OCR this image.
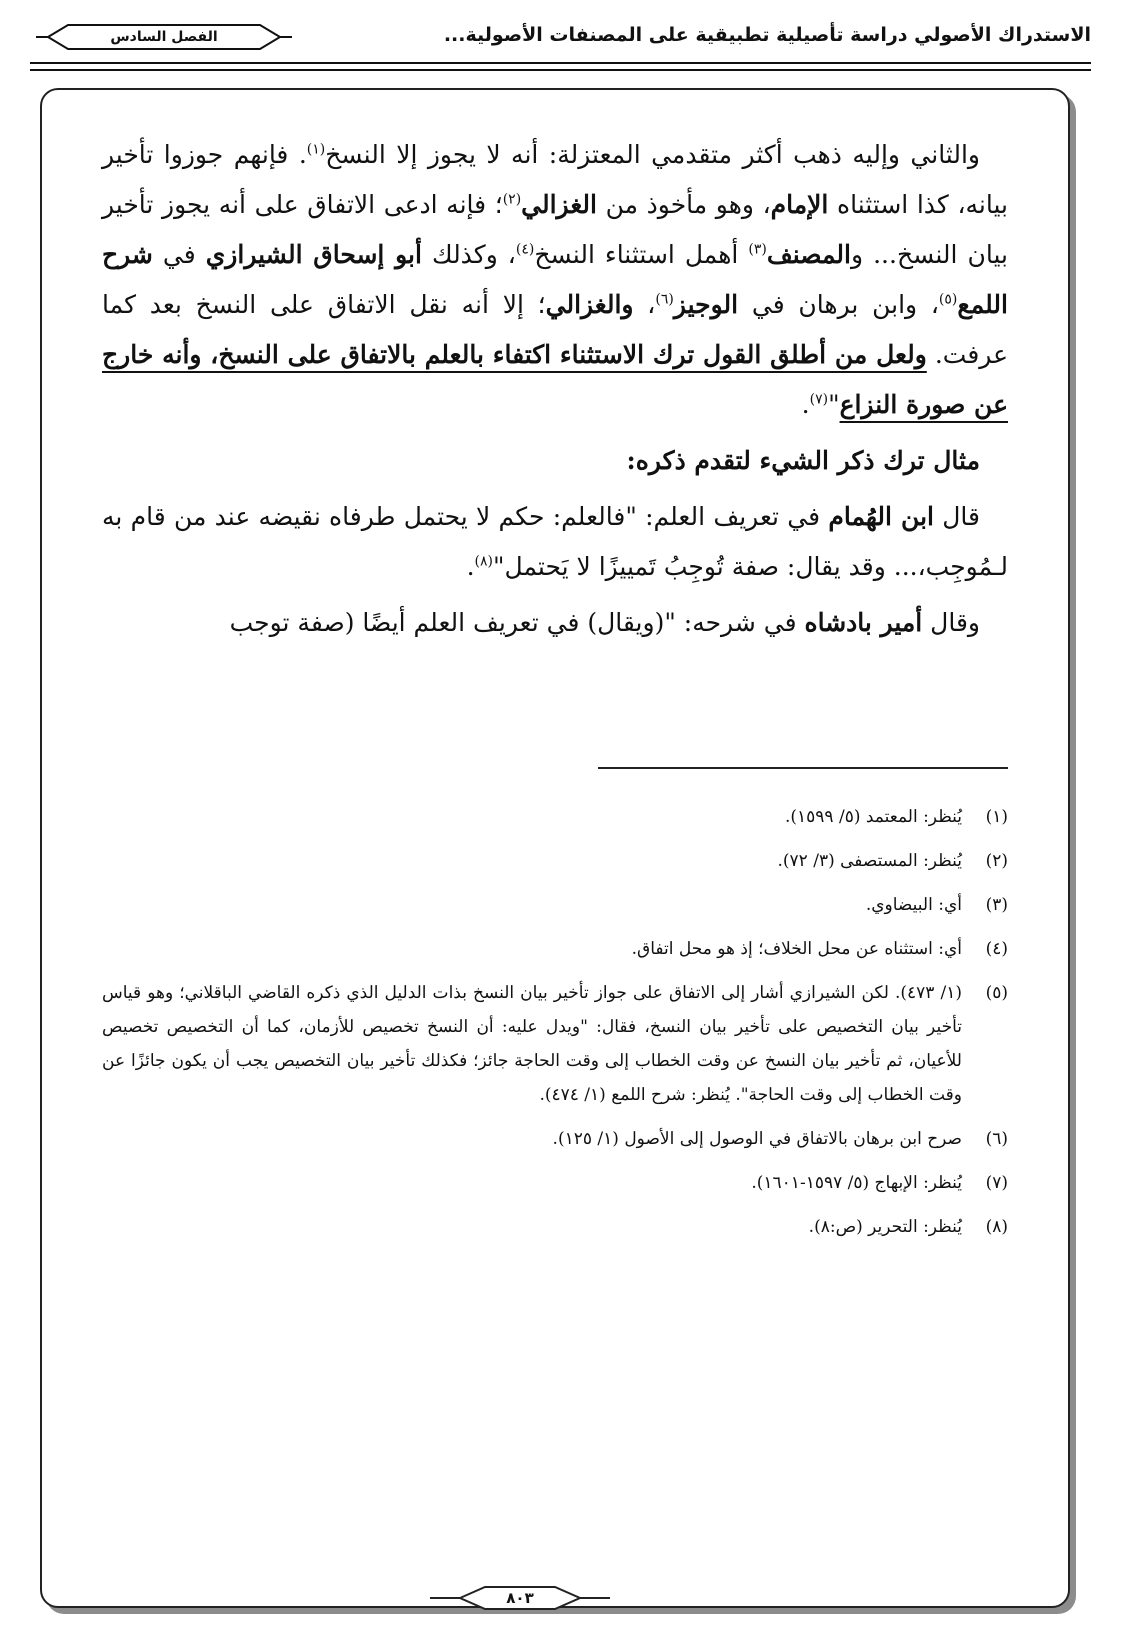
الاستدراك الأصولي دراسة تأصيلية تطبيقية على المصنفات الأصولية...
الفصل السادس

والثاني وإليه ذهب أكثر متقدمي المعتزلة: أنه لا يجوز إلا النسخ$^{(١)}$. فإنهم جوزوا تأخير بيانه، كذا استثناه الإمام، وهو مأخوذ من الغزالي$^{(٢)}$؛ فإنه ادعى الاتفاق على أنه يجوز تأخير بيان النسخ... والمصنف$^{(٣)}$ أهمل استثناء النسخ$^{(٤)}$، وكذلك أبو إسحاق الشيرازي في شرح اللمع$^{(٥)}$، وابن برهان في الوجيز$^{(٦)}$، والغزالي؛ إلا أنه نقل الاتفاق على النسخ بعد كما عرفت. ولعل من أطلق القول ترك الاستثناء اكتفاء بالعلم بالاتفاق على النسخ، وأنه خارج عن صورة النزاع"$^{(٧)}$.

مثال ترك ذكر الشيء لتقدم ذكره:

قال ابن الهُمام في تعريف العلم: "فالعلم: حكم لا يحتمل طرفاه نقيضه عند من قام به لـمُوجِب،... وقد يقال: صفة تُوجِبُ تَمييزًا لا يَحتمل"$^{(٨)}$.

وقال أمير بادشاه في شرحه: "(ويقال) في تعريف العلم أيضًا (صفة توجب

(١)
يُنظر: المعتمد (٥/ ١٥٩٩).
(٢)
يُنظر: المستصفى (٣/ ٧٢).
(٣)
أي: البيضاوي.
(٤)
أي: استثناه عن محل الخلاف؛ إذ هو محل اتفاق.
(٥)
(١/ ٤٧٣). لكن الشيرازي أشار إلى الاتفاق على جواز تأخير بيان النسخ بذات الدليل الذي ذكره القاضي الباقلاني؛ وهو قياس تأخير بيان التخصيص على تأخير بيان النسخ، فقال: "ويدل عليه: أن النسخ تخصيص للأزمان، كما أن التخصيص تخصيص للأعيان، ثم تأخير بيان النسخ عن وقت الخطاب إلى وقت الحاجة جائز؛ فكذلك تأخير بيان التخصيص يجب أن يكون جائزًا عن وقت الخطاب إلى وقت الحاجة". يُنظر: شرح اللمع (١/ ٤٧٤).
(٦)
صرح ابن برهان بالاتفاق في الوصول إلى الأصول (١/ ١٢٥).
(٧)
يُنظر: الإبهاج (٥/ ١٥٩٧-١٦٠١).
(٨)
يُنظر: التحرير (ص:٨).
٨٠٣
